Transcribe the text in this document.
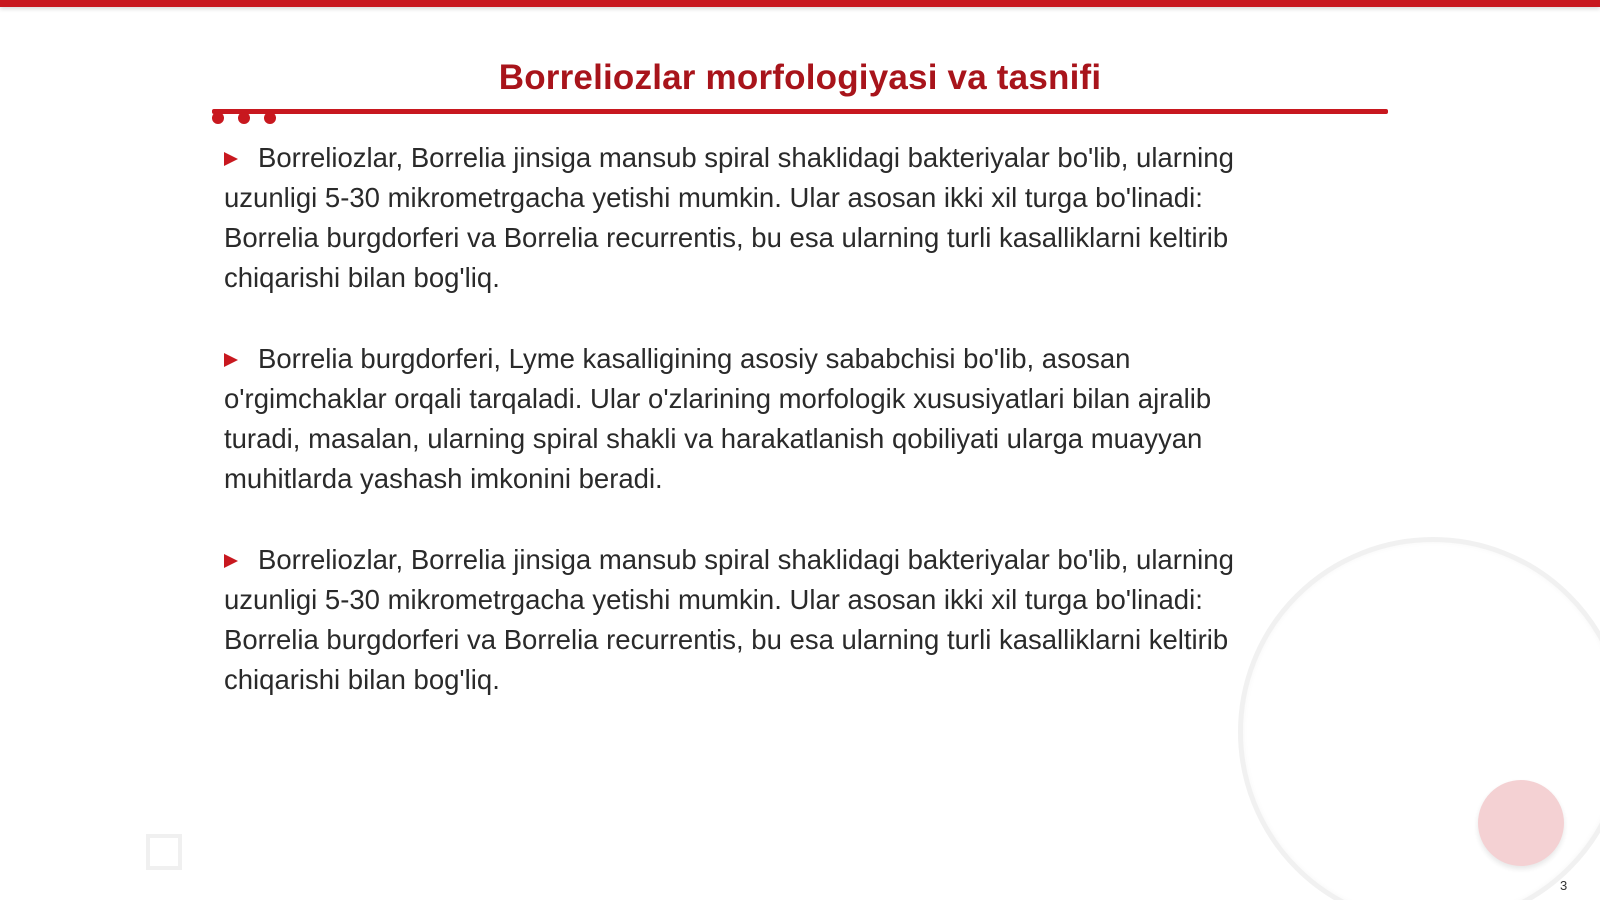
Borreliozlar morfologiyasi va tasnifi
Borreliozlar, Borrelia jinsiga mansub spiral shaklidagi bakteriyalar bo'lib, ularning
uzunligi 5-30 mikrometrgacha yetishi mumkin. Ular asosan ikki xil turga bo'linadi:
Borrelia burgdorferi va Borrelia recurrentis, bu esa ularning turli kasalliklarni keltirib
chiqarishi bilan bog'liq.
Borrelia burgdorferi, Lyme kasalligining asosiy sababchisi bo'lib, asosan
o'rgimchaklar orqali tarqaladi. Ular o'zlarining morfologik xususiyatlari bilan ajralib
turadi, masalan, ularning spiral shakli va harakatlanish qobiliyati ularga muayyan
muhitlarda yashash imkonini beradi.
Borreliozlar, Borrelia jinsiga mansub spiral shaklidagi bakteriyalar bo'lib, ularning
uzunligi 5-30 mikrometrgacha yetishi mumkin. Ular asosan ikki xil turga bo'linadi:
Borrelia burgdorferi va Borrelia recurrentis, bu esa ularning turli kasalliklarni keltirib
chiqarishi bilan bog'liq.
3
